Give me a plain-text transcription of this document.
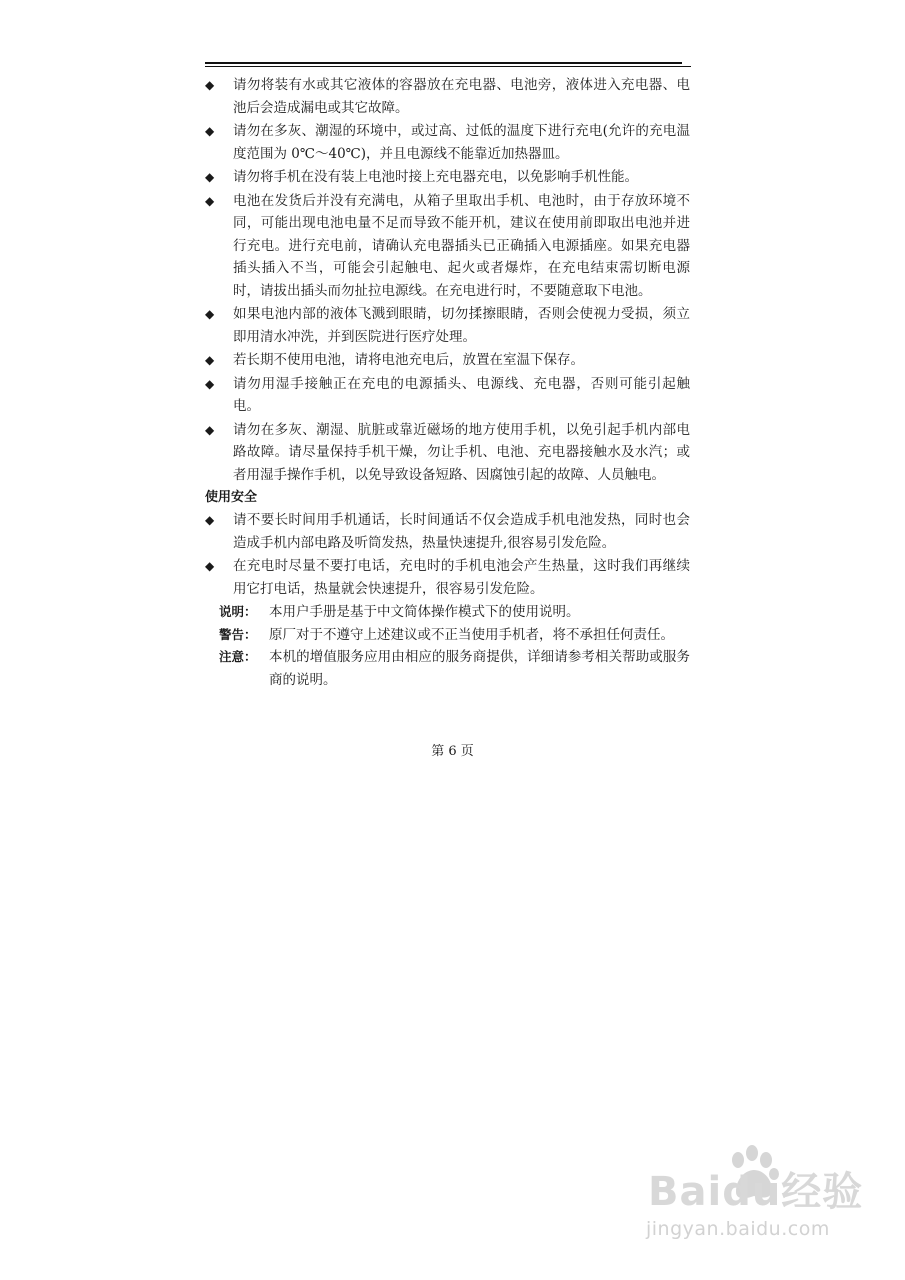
◆ 请勿将装有水或其它液体的容器放在充电器、电池旁，液体进入充电器、电池后会造成漏电或其它故障。
◆ 请勿在多灰、潮湿的环境中，或过高、过低的温度下进行充电(允许的充电温度范围为 0℃～40℃)，并且电源线不能靠近加热器皿。
◆ 请勿将手机在没有装上电池时接上充电器充电，以免影响手机性能。
◆ 电池在发货后并没有充满电，从箱子里取出手机、电池时，由于存放环境不同，可能出现电池电量不足而导致不能开机，建议在使用前即取出电池并进行充电。进行充电前，请确认充电器插头已正确插入电源插座。如果充电器插头插入不当，可能会引起触电、起火或者爆炸，在充电结束需切断电源时，请拔出插头而勿扯拉电源线。在充电进行时，不要随意取下电池。
◆ 如果电池内部的液体飞溅到眼睛，切勿揉擦眼睛，否则会使视力受损，须立即用清水冲洗，并到医院进行医疗处理。
◆ 若长期不使用电池，请将电池充电后，放置在室温下保存。
◆ 请勿用湿手接触正在充电的电源插头、电源线、充电器，否则可能引起触电。
◆ 请勿在多灰、潮湿、肮脏或靠近磁场的地方使用手机，以免引起手机内部电路故障。请尽量保持手机干燥，勿让手机、电池、充电器接触水及水汽；或者用湿手操作手机，以免导致设备短路、因腐蚀引起的故障、人员触电。
使用安全
◆ 请不要长时间用手机通话，长时间通话不仅会造成手机电池发热，同时也会造成手机内部电路及听筒发热，热量快速提升,很容易引发危险。
◆ 在充电时尽量不要打电话，充电时的手机电池会产生热量，这时我们再继续用它打电话，热量就会快速提升，很容易引发危险。
说明： 本用户手册是基于中文简体操作模式下的使用说明。
警告： 原厂对于不遵守上述建议或不正当使用手机者，将不承担任何责任。
注意： 本机的增值服务应用由相应的服务商提供，详细请参考相关帮助或服务商的说明。
第 6 页
Baidu经验
jingyan.baidu.com
